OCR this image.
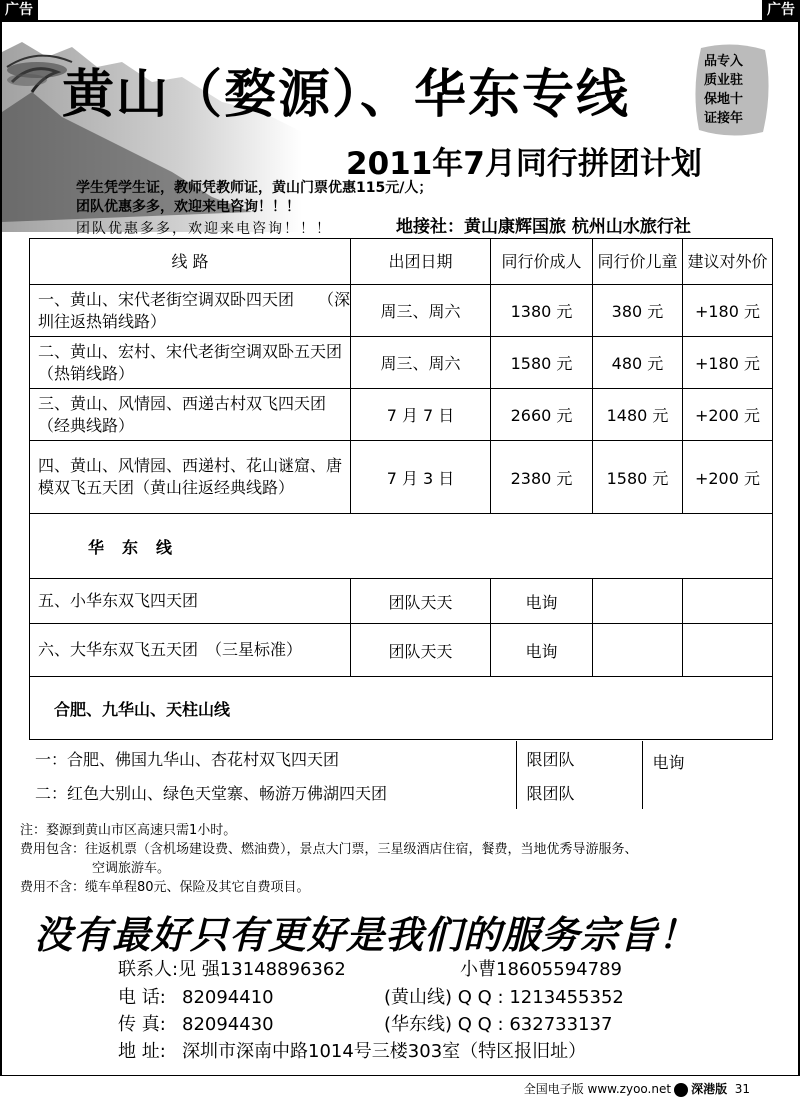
广告	广告
黄山（婺源）、华东专线
品专入
质业驻
保地十
证接年
2011年7月同行拼团计划
学生凭学生证，教师凭教师证，黄山门票优惠115元/人；
团队优惠多多，欢迎来电咨询！！！
团队优惠多多，欢迎来电咨询！！！	地接社：黄山康辉国旅 杭州山水旅行社
线 路	出团日期	同行价成人	同行价儿童	建议对外价
一、黄山、宋代老街空调双卧四天团　　（深圳往返热销线路）	周三、周六	1380 元	380 元	+180 元
二、黄山、宏村、宋代老街空调双卧五天团　（热销线路）	周三、周六	1580 元	480 元	+180 元
三、黄山、风情园、西递古村双飞四天团（经典线路）	7 月 7 日	2660 元	1480 元	+200 元
四、黄山、风情园、西递村、花山谜窟、唐模双飞五天团（黄山往返经典线路）	7 月 3 日	2380 元	1580 元	+200 元
华东线				
五、小华东双飞四天团	团队天天	电询		
六、大华东双飞五天团　（三星标准）	团队天天	电询		
合肥、九华山、天柱山线				
一：合肥、佛国九华山、杏花村双飞四天团	限团队	电询
二：红色大别山、绿色天堂寨、畅游万佛湖四天团	限团队	
注：婺源到黄山市区高速只需1小时。
费用包含：往返机票（含机场建设费、燃油费），景点大门票，三星级酒店住宿，餐费，当地优秀导游服务、
空调旅游车。
费用不含：缆车单程80元、保险及其它自费项目。
没有最好只有更好是我们的服务宗旨！
联系人:见 强13148896362	小曹18605594789
电 话: 82094410	(黄山线) Q Q : 1213455352
传 真: 82094430	(华东线) Q Q : 632733137
地 址: 深圳市深南中路1014号三楼303室（特区报旧址）
全国电子版 www.zyoo.net 深港版 31
